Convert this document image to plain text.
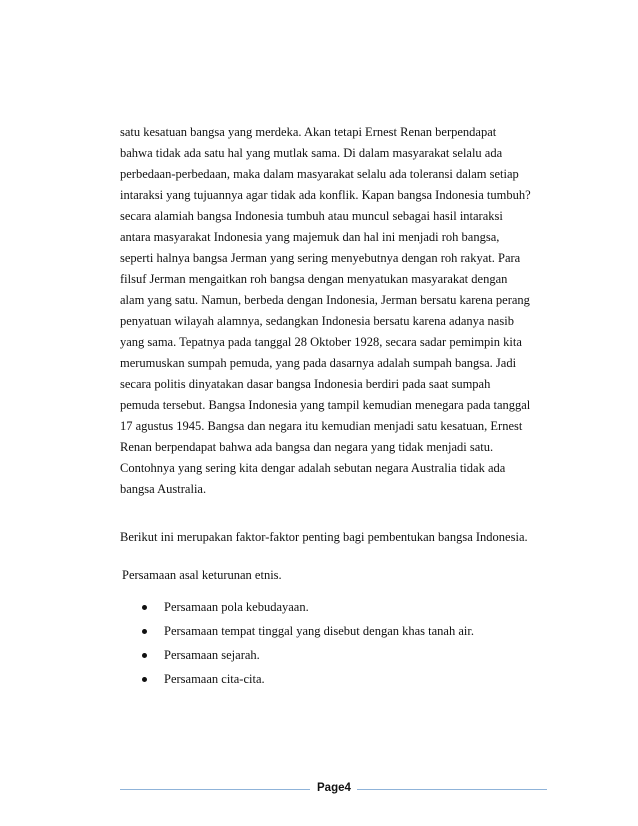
satu kesatuan bangsa yang merdeka. Akan tetapi Ernest Renan berpendapat
bahwa tidak ada satu hal yang mutlak sama. Di dalam masyarakat selalu ada
perbedaan-perbedaan, maka dalam masyarakat selalu ada toleransi dalam setiap
intaraksi yang tujuannya agar tidak ada konflik. Kapan bangsa Indonesia tumbuh?
secara alamiah bangsa Indonesia tumbuh atau muncul sebagai hasil intaraksi
antara masyarakat Indonesia yang majemuk dan hal ini menjadi roh bangsa,
seperti halnya bangsa Jerman yang sering menyebutnya dengan roh rakyat. Para
filsuf Jerman mengaitkan roh bangsa dengan menyatukan masyarakat dengan
alam yang satu. Namun, berbeda dengan Indonesia, Jerman bersatu karena perang
penyatuan wilayah alamnya, sedangkan Indonesia bersatu karena adanya nasib
yang sama. Tepatnya pada tanggal 28 Oktober 1928, secara sadar pemimpin kita
merumuskan sumpah pemuda, yang pada dasarnya adalah sumpah bangsa. Jadi
secara politis dinyatakan dasar bangsa Indonesia berdiri pada saat sumpah
pemuda tersebut. Bangsa Indonesia yang tampil kemudian menegara pada tanggal
17 agustus 1945. Bangsa dan negara itu kemudian menjadi satu kesatuan, Ernest
Renan berpendapat bahwa ada bangsa dan negara yang tidak menjadi satu.
Contohnya yang sering kita dengar adalah sebutan negara Australia tidak ada
bangsa Australia.
Berikut ini merupakan faktor-faktor penting bagi pembentukan bangsa Indonesia.
Persamaan asal keturunan etnis.
Persamaan pola kebudayaan.
Persamaan tempat tinggal yang disebut dengan khas tanah air.
Persamaan sejarah.
Persamaan cita-cita.
Page4
